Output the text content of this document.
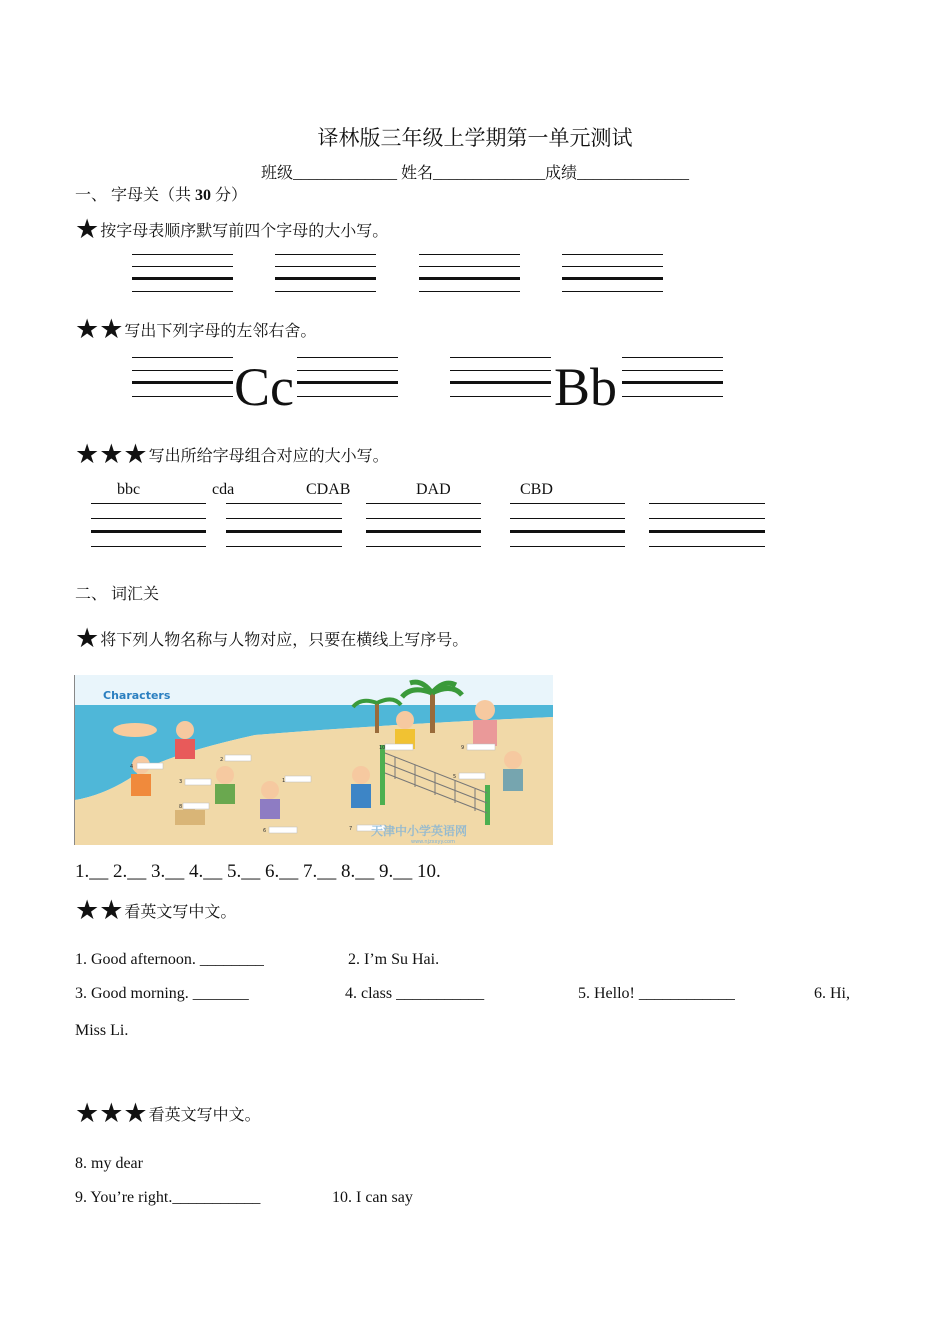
译林版三年级上学期第一单元测试
班级_____________ 姓名______________成绩______________
一、 字母关（共 30 分）
★ 按字母表顺序默写前四个字母的大小写。
★★ 写出下列字母的左邻右舍。
Cc	Bb
★★★ 写出所给字母组合对应的大小写。
bbc	cda	CDAB	DAD	CBD
二、 词汇关
★ 将下列人物名称与人物对应，只要在横线上写序号。
1
2
3
4
5
6	7
8
9
10
Characters
天津中小学英语网
www.njzxxyy.com
1.__ 2.__ 3.__ 4.__ 5.__ 6.__ 7.__ 8.__ 9.__ 10.
★★ 看英文写中文。
1. Good afternoon. ________	2. I’m Su Hai.
3. Good morning. _______	4. class ___________	5. Hello! ____________	6. Hi,
Miss Li.
★★★ 看英文写中文。
8. my dear
9. You’re right.___________	10. I can say
